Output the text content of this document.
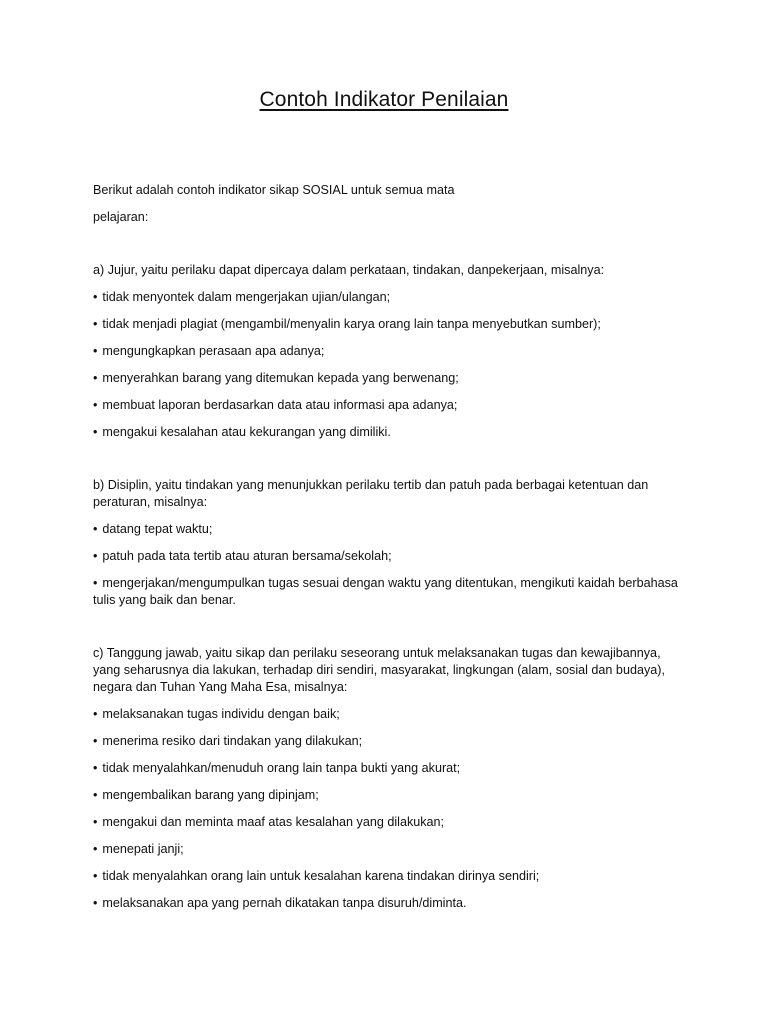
Contoh Indikator Penilaian

Berikut adalah contoh indikator sikap SOSIAL untuk semua mata

pelajaran:

a) Jujur, yaitu perilaku dapat dipercaya dalam perkataan, tindakan, danpekerjaan, misalnya:

• tidak menyontek dalam mengerjakan ujian/ulangan;
• tidak menjadi plagiat (mengambil/menyalin karya orang lain tanpa menyebutkan sumber);
• mengungkapkan perasaan apa adanya;
• menyerahkan barang yang ditemukan kepada yang berwenang;
• membuat laporan berdasarkan data atau informasi apa adanya;
• mengakui kesalahan atau kekurangan yang dimiliki.

b) Disiplin, yaitu tindakan yang menunjukkan perilaku tertib dan patuh pada berbagai ketentuan dan peraturan, misalnya:

• datang tepat waktu;
• patuh pada tata tertib atau aturan bersama/sekolah;
• mengerjakan/mengumpulkan tugas sesuai dengan waktu yang ditentukan, mengikuti kaidah berbahasa tulis yang baik dan benar.

c) Tanggung jawab, yaitu sikap dan perilaku seseorang untuk melaksanakan tugas dan kewajibannya, yang seharusnya dia lakukan, terhadap diri sendiri, masyarakat, lingkungan (alam, sosial dan budaya), negara dan Tuhan Yang Maha Esa, misalnya:

• melaksanakan tugas individu dengan baik;
• menerima resiko dari tindakan yang dilakukan;
• tidak menyalahkan/menuduh orang lain tanpa bukti yang akurat;
• mengembalikan barang yang dipinjam;
• mengakui dan meminta maaf atas kesalahan yang dilakukan;
• menepati janji;
• tidak menyalahkan orang lain untuk kesalahan karena tindakan dirinya sendiri;
• melaksanakan apa yang pernah dikatakan tanpa disuruh/diminta.
